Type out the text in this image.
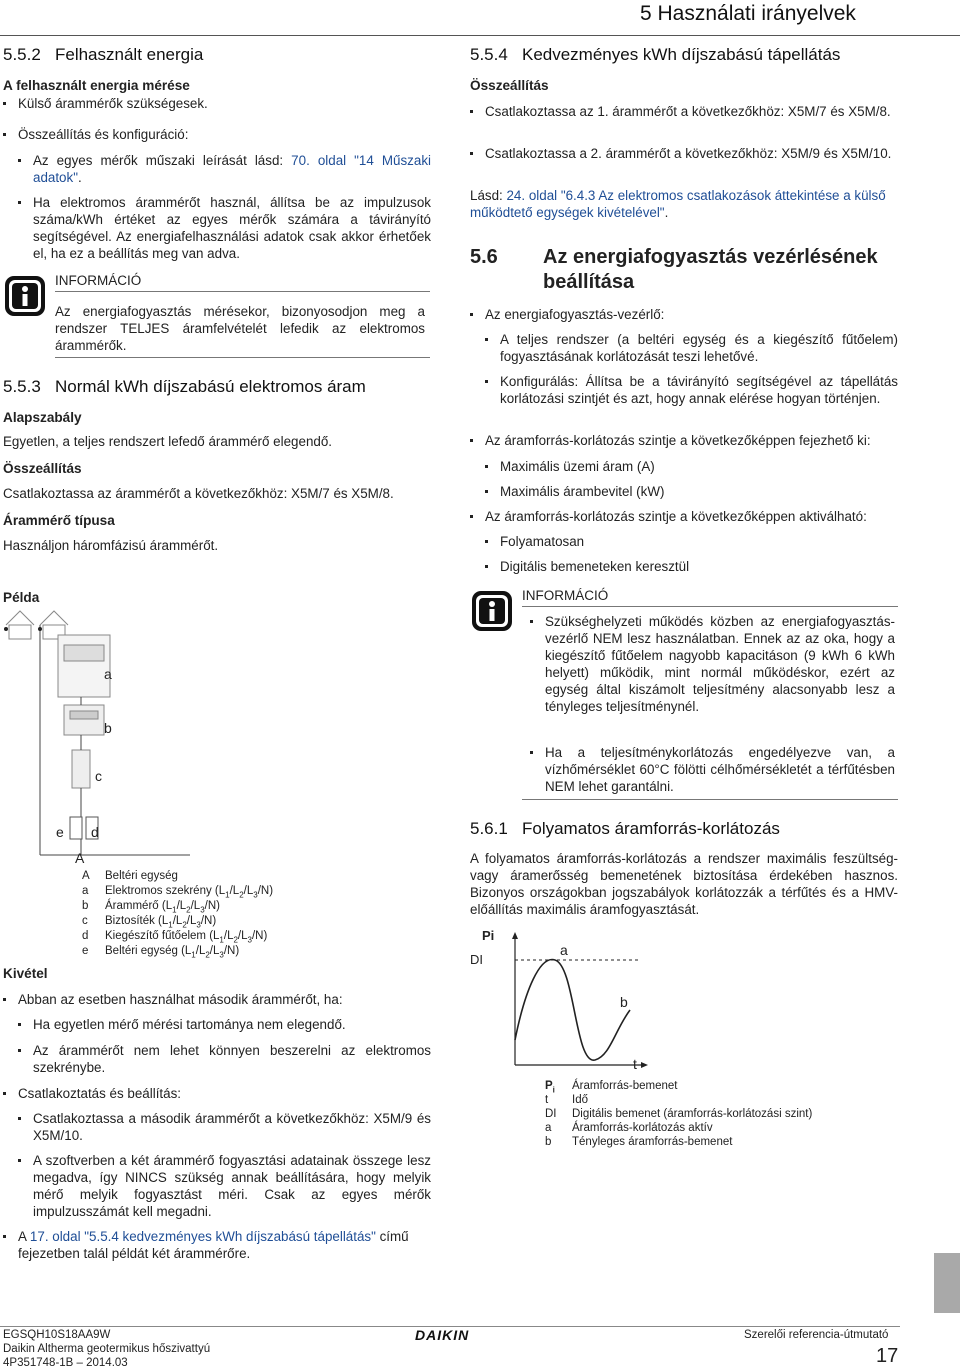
5 Használati irányelvek
5.5.2   Felhasznált energia
A felhasznált energia mérése
Külső árammérők szükségesek.
Összeállítás és konfiguráció:
Az egyes mérők műszaki leírását lásd: 70. oldal "14 Műszaki adatok".
Ha elektromos árammérőt használ, állítsa be az impulzusok száma/kWh értéket az egyes mérők számára a távirányító segítségével. Az energiafelhasználási adatok csak akkor érhetőek el, ha ez a beállítás meg van adva.
INFORMÁCIÓ
Az energiafogyasztás mérésekor, bizonyosodjon meg a rendszer TELJES áramfelvételét lefedik az elektromos árammérők.
5.5.3   Normál kWh díjszabású elektromos áram
Alapszabály
Egyetlen, a teljes rendszert lefedő árammérő elegendő.
Összeállítás
Csatlakoztassa az árammérőt a következőkhöz: X5M/7 és X5M/8.
Árammérő típusa
Használjon háromfázisú árammérőt.
Példa
a
b
c
e d
A
A Beltéri egység
a Elektromos szekrény $(L_1/L_2/L_3/N)$
b Árammérő $(L_1/L_2/L_3/N)$
c Biztosíték $(L_1/L_2/L_3/N)$
d Kiegészítő fűtőelem $(L_1/L_2/L_3/N)$
e Beltéri egység $(L_1/L_2/L_3/N)$
Kivétel
Abban az esetben használhat második árammérőt, ha:
Ha egyetlen mérő mérési tartománya nem elegendő.
Az árammérőt nem lehet könnyen beszerelni az elektromos szekrénybe.
Csatlakoztatás és beállítás:
Csatlakoztassa a második árammérőt a következőkhöz: X5M/9 és X5M/10.
A szoftverben a két árammérő fogyasztási adatainak összege lesz megadva, így NINCS szükség annak beállítására, hogy melyik mérő melyik fogyasztást méri. Csak az egyes mérők impulzusszámát kell megadni.
A 17. oldal "5.5.4 kedvezményes kWh díjszabású tápellátás" című fejezetben talál példát két árammérőre.
5.5.4   Kedvezményes kWh díjszabású tápellátás
Összeállítás
Csatlakoztassa az 1. árammérőt a következőkhöz: X5M/7 és X5M/8.
Csatlakoztassa a 2. árammérőt a következőkhöz: X5M/9 és X5M/10.
Lásd: 24. oldal "6.4.3 Az elektromos csatlakozások áttekintése a külső működtető egységek kivételével".
5.6 Az energiafogyasztás vezérlésének
beállítása
Az energiafogyasztás-vezérlő:
A teljes rendszer (a beltéri egység és a kiegészítő fűtőelem) fogyasztásának korlátozását teszi lehetővé.
Konfigurálás: Állítsa be a távirányító segítségével az tápellátás korlátozási szintjét és azt, hogy annak elérése hogyan történjen.
Az áramforrás-korlátozás szintje a következőképpen fejezhető ki:
Maximális üzemi áram (A)
Maximális árambevitel (kW)
Az áramforrás-korlátozás szintje a következőképpen aktiválható:
Folyamatosan
Digitális bemeneteken keresztül
INFORMÁCIÓ
Szükséghelyzeti működés közben az energiafogyasztás-vezérlő NEM lesz használatban. Ennek az az oka, hogy a kiegészítő fűtőelem nagyobb kapacitáson (9 kWh 6 kWh helyett) működik, mint normál működéskor, ezért az egység által kiszámolt teljesítmény alacsonyabb lesz a tényleges teljesítménynél.
Ha a teljesítménykorlátozás engedélyezve van, a vízhőmérséklet 60°C fölötti célhőmérsékletét a térfűtésben NEM lehet garantálni.
5.6.1   Folyamatos áramforrás-korlátozás
A folyamatos áramforrás-korlátozás a rendszer maximális feszültség- vagy áramerősség bemenetének biztosítása érdekében hasznos. Bizonyos országokban jogszabályok korlátozzák a térfűtés és a HMV-előállítás maximális áramfogyasztását.
Pi
DI
a
b
t
$P_i$ Áramforrás-bemenet
t Idő
DI Digitális bemenet (áramforrás-korlátozási szint)
a Áramforrás-korlátozás aktív
b Tényleges áramforrás-bemenet
EGSQH10S18AA9W
Daikin Altherma geotermikus hőszivattyú
4P351748-1B – 2014.03
DAIKIN	Szerelői referencia-útmutató
17
